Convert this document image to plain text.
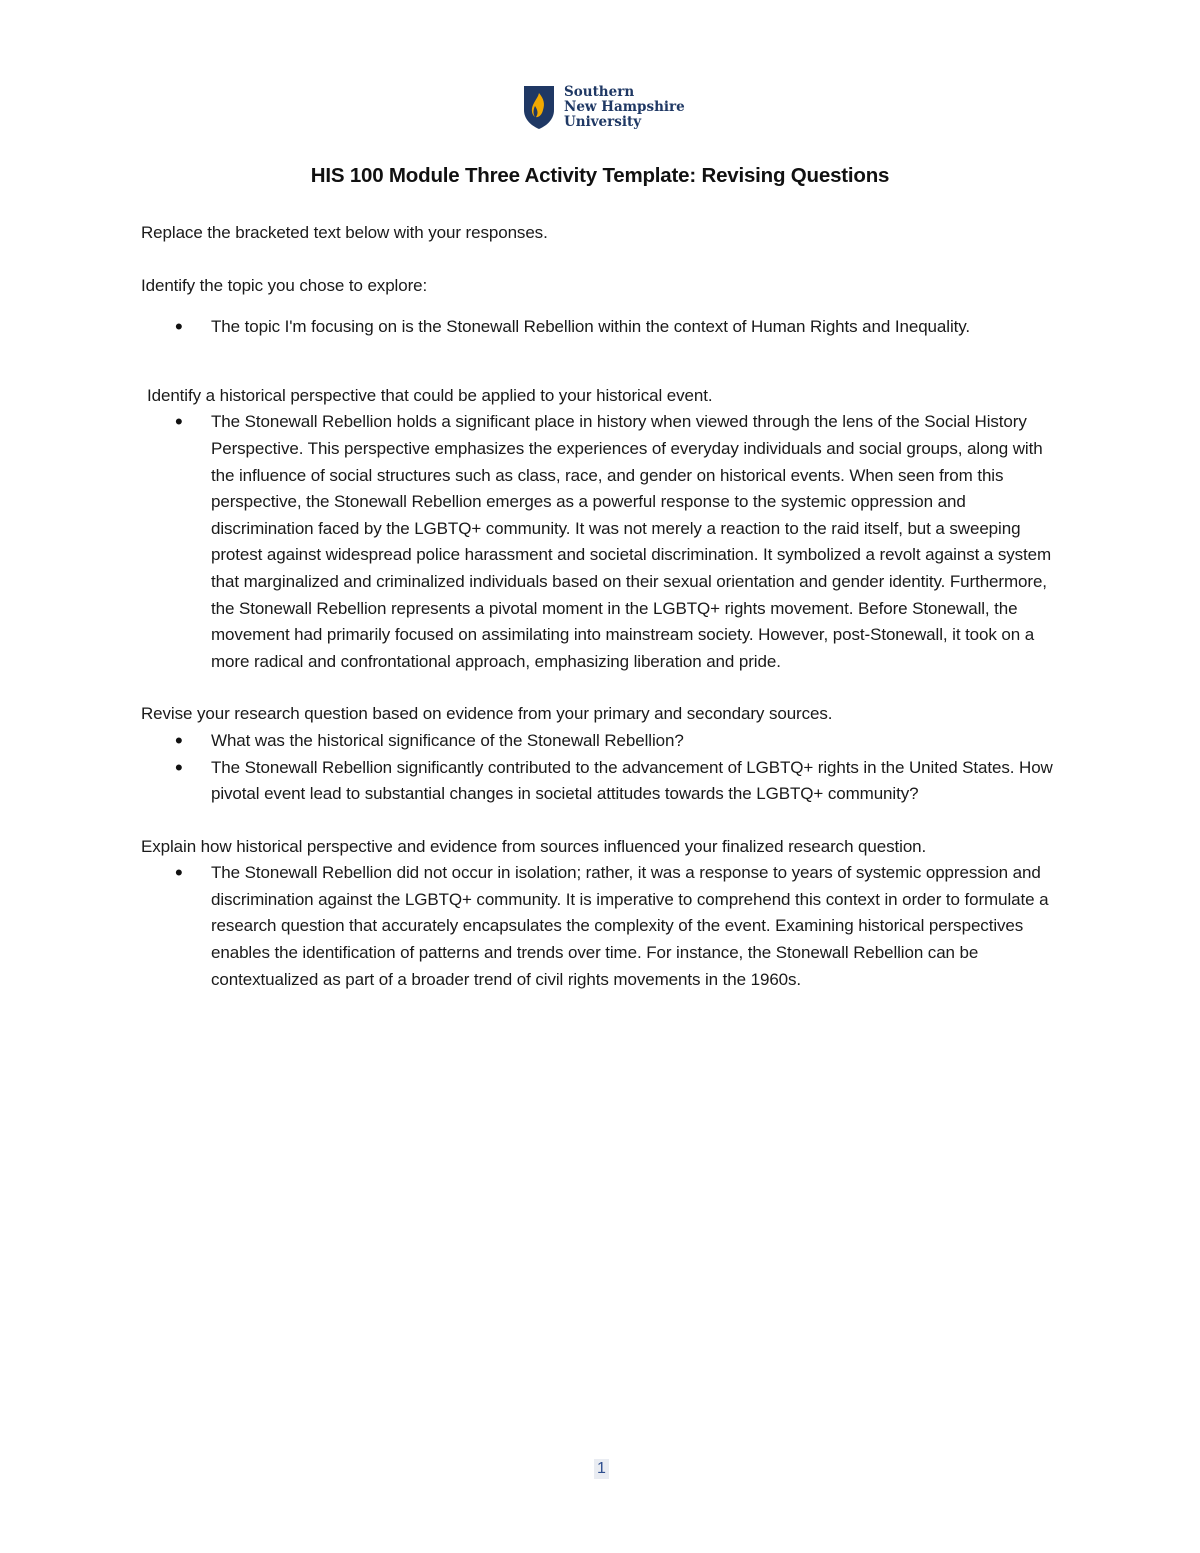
Southern
New Hampshire
University
HIS 100 Module Three Activity Template: Revising Questions

Replace the bracketed text below with your responses.

Identify the topic you chose to explore:

• The topic I'm focusing on is the Stonewall Rebellion within the context of Human Rights and Inequality.

Identify a historical perspective that could be applied to your historical event.

• The Stonewall Rebellion holds a significant place in history when viewed through the lens of the Social History Perspective. This perspective emphasizes the experiences of everyday individuals and social groups, along with the influence of social structures such as class, race, and gender on historical events. When seen from this perspective, the Stonewall Rebellion emerges as a powerful response to the systemic oppression and discrimination faced by the LGBTQ+ community. It was not merely a reaction to the raid itself, but a sweeping protest against widespread police harassment and societal discrimination. It symbolized a revolt against a system that marginalized and criminalized individuals based on their sexual orientation and gender identity. Furthermore, the Stonewall Rebellion represents a pivotal moment in the LGBTQ+ rights movement. Before Stonewall, the movement had primarily focused on assimilating into mainstream society. However, post-Stonewall, it took on a more radical and confrontational approach, emphasizing liberation and pride.

Revise your research question based on evidence from your primary and secondary sources.

• What was the historical significance of the Stonewall Rebellion?
• The Stonewall Rebellion significantly contributed to the advancement of LGBTQ+ rights in the United States. How pivotal event lead to substantial changes in societal attitudes towards the LGBTQ+ community?

Explain how historical perspective and evidence from sources influenced your finalized research question.

• The Stonewall Rebellion did not occur in isolation; rather, it was a response to years of systemic oppression and discrimination against the LGBTQ+ community. It is imperative to comprehend this context in order to formulate a research question that accurately encapsulates the complexity of the event. Examining historical perspectives enables the identification of patterns and trends over time. For instance, the Stonewall Rebellion can be contextualized as part of a broader trend of civil rights movements in the 1960s.
1
